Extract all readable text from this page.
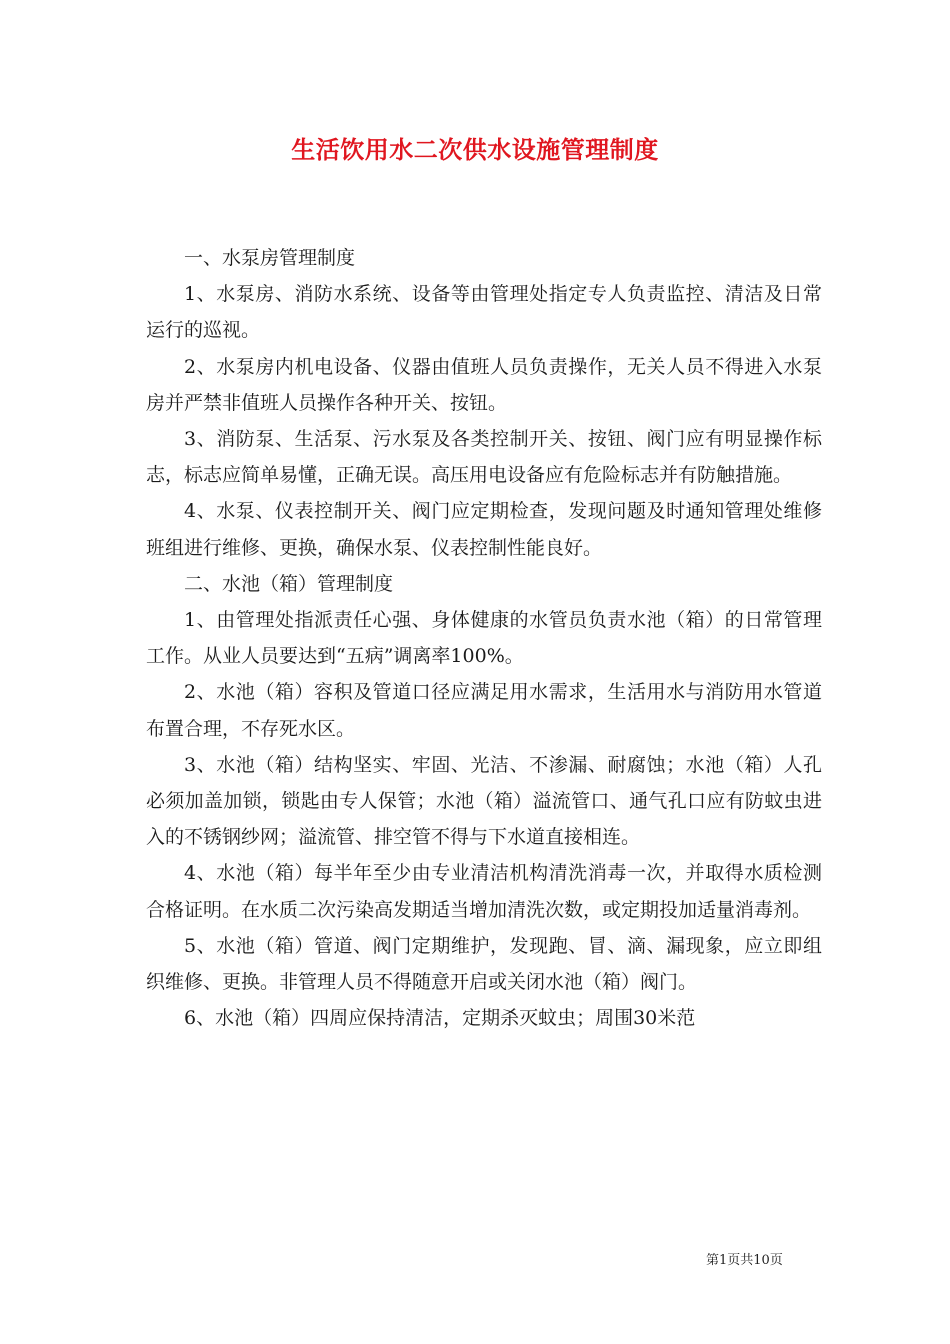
生活饮用水二次供水设施管理制度

一、水泵房管理制度

1、水泵房、消防水系统、设备等由管理处指定专人负责监控、清洁及日常运行的巡视。

2、水泵房内机电设备、仪器由值班人员负责操作，无关人员不得进入水泵房并严禁非值班人员操作各种开关、按钮。

3、消防泵、生活泵、污水泵及各类控制开关、按钮、阀门应有明显操作标志，标志应简单易懂，正确无误。高压用电设备应有危险标志并有防触措施。

4、水泵、仪表控制开关、阀门应定期检查，发现问题及时通知管理处维修班组进行维修、更换，确保水泵、仪表控制性能良好。

二、水池（箱）管理制度

1、由管理处指派责任心强、身体健康的水管员负责水池（箱）的日常管理工作。从业人员要达到“五病”调离率100%。

2、水池（箱）容积及管道口径应满足用水需求，生活用水与消防用水管道布置合理，不存死水区。

3、水池（箱）结构坚实、牢固、光洁、不渗漏、耐腐蚀；水池（箱）人孔必须加盖加锁，锁匙由专人保管；水池（箱）溢流管口、通气孔口应有防蚊虫进入的不锈钢纱网；溢流管、排空管不得与下水道直接相连。

4、水池（箱）每半年至少由专业清洁机构清洗消毒一次，并取得水质检测合格证明。在水质二次污染高发期适当增加清洗次数，或定期投加适量消毒剂。

5、水池（箱）管道、阀门定期维护，发现跑、冒、滴、漏现象，应立即组织维修、更换。非管理人员不得随意开启或关闭水池（箱）阀门。

6、水池（箱）四周应保持清洁，定期杀灭蚊虫；周围30米范

第1页共10页
